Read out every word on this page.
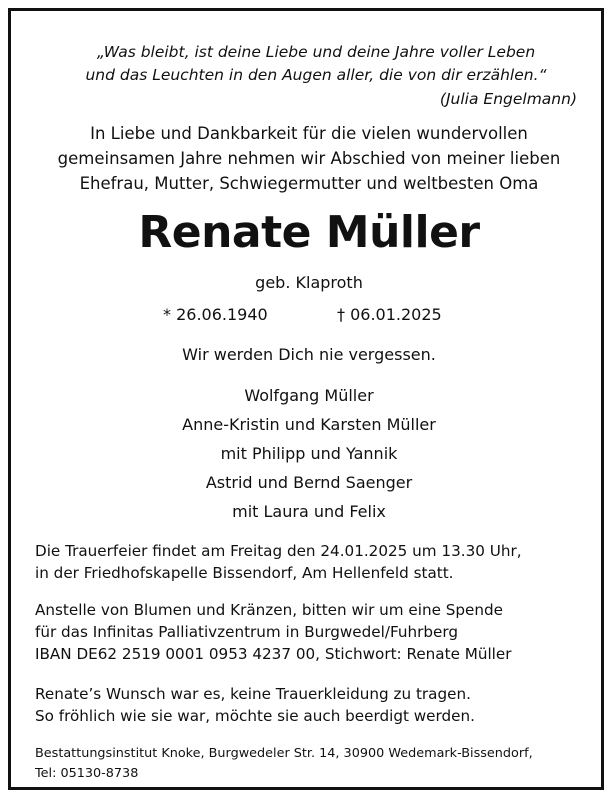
„Was bleibt, ist deine Liebe und deine Jahre voller Leben
und das Leuchten in den Augen aller, die von dir erzählen.“
(Julia Engelmann)
In Liebe und Dankbarkeit für die vielen wundervollen
gemeinsamen Jahre nehmen wir Abschied von meiner lieben
Ehefrau, Mutter, Schwiegermutter und weltbesten Oma
Renate Müller
geb. Klaproth
* 26.06.1940	† 06.01.2025
Wir werden Dich nie vergessen.
Wolfgang Müller
Anne-Kristin und Karsten Müller
mit Philipp und Yannik
Astrid und Bernd Saenger
mit Laura und Felix
Die Trauerfeier findet am Freitag den 24.01.2025 um 13.30 Uhr,
in der Friedhofskapelle Bissendorf, Am Hellenfeld statt.
Anstelle von Blumen und Kränzen, bitten wir um eine Spende
für das Infinitas Palliativzentrum in Burgwedel/Fuhrberg
IBAN DE62 2519 0001 0953 4237 00, Stichwort: Renate Müller
Renate’s Wunsch war es, keine Trauerkleidung zu tragen.
So fröhlich wie sie war, möchte sie auch beerdigt werden.
Bestattungsinstitut Knoke, Burgwedeler Str. 14, 30900 Wedemark-Bissendorf,
Tel: 05130-8738
